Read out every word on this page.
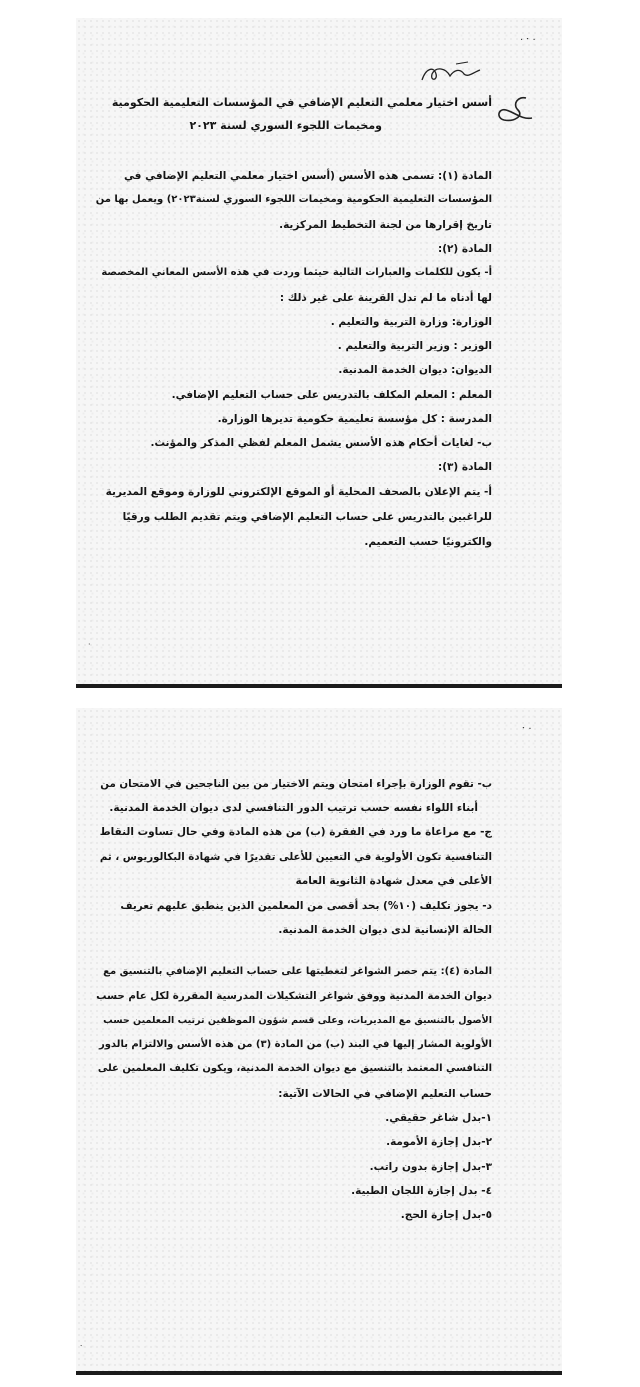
·ˑ·
ˑ·
·
ˑ
أسس اختيار معلمي التعليم الإضافي في المؤسسات التعليمية الحكومية
ومخيمات اللجوء السوري لسنة ٢٠٢٣
المادة (١): تسمى هذه الأسس (أسس اختيار معلمي التعليم الإضافي في
المؤسسات التعليمية الحكومية ومخيمات اللجوء السوري لسنة٢٠٢٣) ويعمل بها من
تاريخ إقرارها من لجنة التخطيط المركزية.
المادة (٢):
أ- يكون للكلمات والعبارات التالية حيثما وردت في هذه الأسس المعاني المخصصة
لها أدناه ما لم تدل القرينة على غير ذلك :
الوزارة: وزارة التربية والتعليم .
الوزير : وزير التربية والتعليم .
الديوان: ديوان الخدمة المدنية.
المعلم : المعلم المكلف بالتدريس على حساب التعليم الإضافي.
المدرسة : كل مؤسسة تعليمية حكومية تديرها الوزارة.
ب- لغايات أحكام هذه الأسس يشمل المعلم لفظي المذكر والمؤنث.
المادة (٣):
أ- يتم الإعلان بالصحف المحلية أو الموقع الإلكتروني للوزارة وموقع المديرية
للراغبين بالتدريس على حساب التعليم الإضافي ويتم تقديم الطلب ورقيًا
والكترونيًا حسب التعميم.
ب- تقوم الوزارة بإجراء امتحان ويتم الاختيار من بين الناجحين في الامتحان من
أبناء اللواء نفسه حسب ترتيب الدور التنافسي لدى ديوان الخدمة المدنية.
ج- مع مراعاة ما ورد في الفقرة (ب) من هذه المادة وفي حال تساوت النقاط
التنافسية تكون الأولوية في التعيين للأعلى تقديرًا في شهادة البكالوريوس ، ثم
الأعلى في معدل شهادة الثانوية العامة
د- يجوز تكليف (١٠%) بحد أقصى من المعلمين الذين ينطبق عليهم تعريف
الحالة الإنسانية لدى ديوان الخدمة المدنية.
المادة (٤): يتم حصر الشواغر لتغطيتها على حساب التعليم الإضافي بالتنسيق مع
ديوان الخدمة المدنية ووفق شواغر التشكيلات المدرسية المقررة لكل عام حسب
الأصول بالتنسيق مع المديريات، وعلى قسم شؤون الموظفين ترتيب المعلمين حسب
الأولوية المشار إليها في البند (ب) من المادة (٣) من هذه الأسس والالتزام بالدور
التنافسي المعتمد بالتنسيق مع ديوان الخدمة المدنية، ويكون تكليف المعلمين على
حساب التعليم الإضافي في الحالات الآتية:
١-بدل شاغر حقيقي.
٢-بدل إجازة الأمومة.
٣-بدل إجازة بدون راتب.
٤- بدل إجازة اللجان الطبية.
٥-بدل إجازة الحج.
